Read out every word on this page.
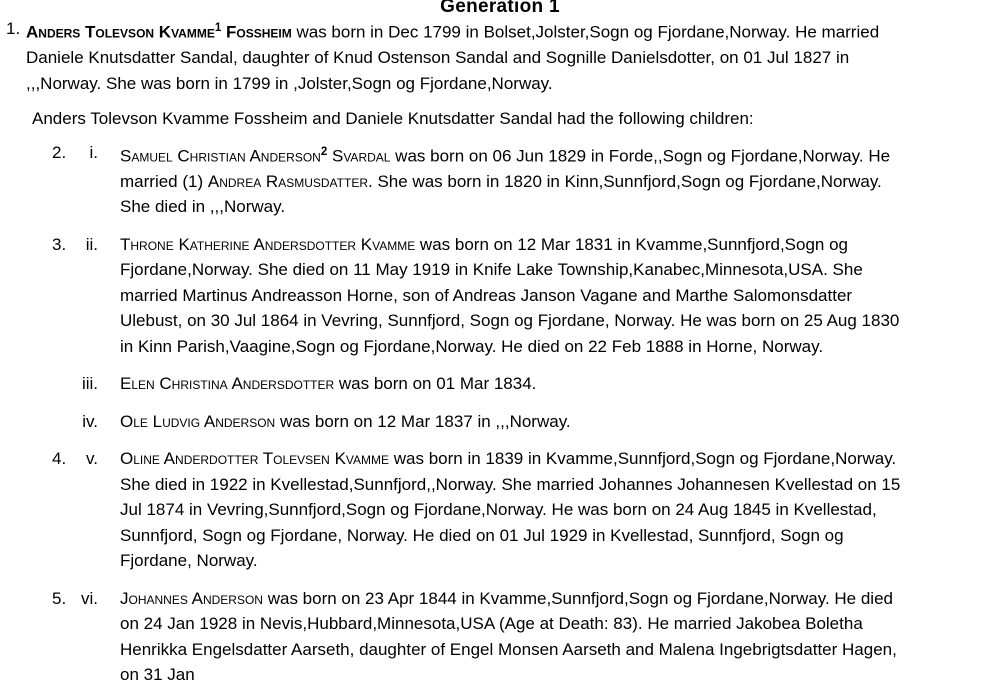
Generation 1
1. Anders Tolevson Kvamme$^1$ Fossheim was born in Dec 1799 in Bolset,Jolster,Sogn og Fjordane,Norway. He married Daniele Knutsdatter Sandal, daughter of Knud Ostenson Sandal and Sognille Danielsdotter, on 01 Jul 1827 in ,,,Norway. She was born in 1799 in ,Jolster,Sogn og Fjordane,Norway.
Anders Tolevson Kvamme Fossheim and Daniele Knutsdatter Sandal had the following children:
2.	i.	Samuel Christian Anderson$^2$ Svardal was born on 06 Jun 1829 in Forde,,Sogn og Fjordane,Norway. He married (1) Andrea Rasmusdatter. She was born in 1820 in Kinn,Sunnfjord,Sogn og Fjordane,Norway. She died in ,,,Norway.
3.	ii.	Throne Katherine Andersdotter Kvamme was born on 12 Mar 1831 in Kvamme,Sunnfjord,Sogn og Fjordane,Norway. She died on 11 May 1919 in Knife Lake Township,Kanabec,Minnesota,USA. She married Martinus Andreasson Horne, son of Andreas Janson Vagane and Marthe Salomonsdatter Ulebust, on 30 Jul 1864 in Vevring, Sunnfjord, Sogn og Fjordane, Norway. He was born on 25 Aug 1830 in Kinn Parish,Vaagine,Sogn og Fjordane,Norway. He died on 22 Feb 1888 in Horne, Norway.
iii.	Elen Christina Andersdotter was born on 01 Mar 1834.
iv.	Ole Ludvig Anderson was born on 12 Mar 1837 in ,,,Norway.
4.	v.	Oline Anderdotter Tolevsen Kvamme was born in 1839 in Kvamme,Sunnfjord,Sogn og Fjordane,Norway. She died in 1922 in Kvellestad,Sunnfjord,,Norway. She married Johannes Johannesen Kvellestad on 15 Jul 1874 in Vevring,Sunnfjord,Sogn og Fjordane,Norway. He was born on 24 Aug 1845 in Kvellestad, Sunnfjord, Sogn og Fjordane, Norway. He died on 01 Jul 1929 in Kvellestad, Sunnfjord, Sogn og Fjordane, Norway.
5. vi.	Johannes Anderson was born on 23 Apr 1844 in Kvamme,Sunnfjord,Sogn og Fjordane,Norway. He died on 24 Jan 1928 in Nevis,Hubbard,Minnesota,USA (Age at Death: 83). He married Jakobea Boletha Henrikka Engelsdatter Aarseth, daughter of Engel Monsen Aarseth and Malena Ingebrigtsdatter Hagen, on 31 Jan
